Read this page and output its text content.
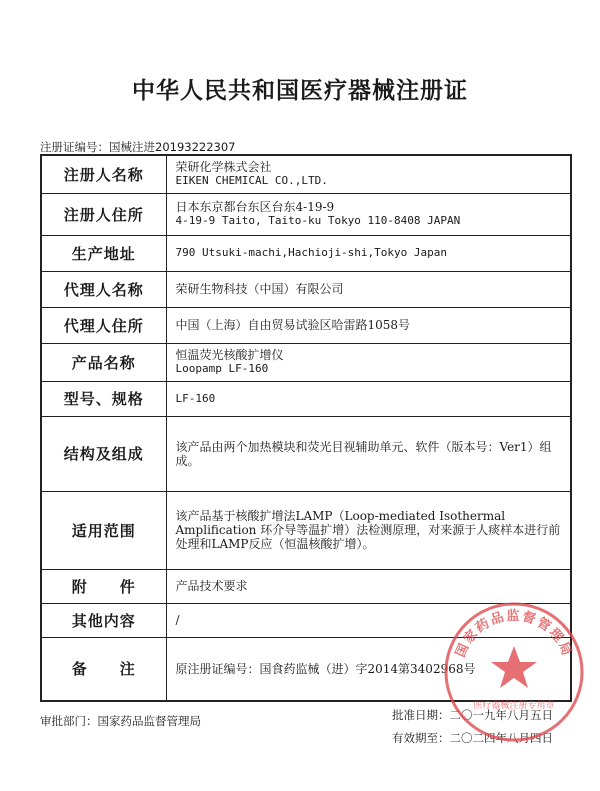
中华人民共和国医疗器械注册证
注册证编号：国械注进20193222307
注册人名称	荣研化学株式会社
EIKEN CHEMICAL CO.,LTD.

注册人住所	日本东京都台东区台东4-19-9
4-19-9 Taito, Taito-ku Tokyo 110-8408 JAPAN

生产地址	790 Utsuki-machi,Hachioji-shi,Tokyo Japan

代理人名称	荣研生物科技（中国）有限公司

代理人住所	中国（上海）自由贸易试验区哈雷路1058号

产品名称	恒温荧光核酸扩增仪
Loopamp LF-160

型号、规格	LF-160

结构及组成	该产品由两个加热模块和荧光目视辅助单元、软件（版本号：Ver1）组成。
适用范围	该产品基于核酸扩增法LAMP（Loop-mediated Isothermal Amplification 环介导等温扩增）法检测原理，对来源于人痰样本进行前处理和LAMP反应（恒温核酸扩增）。
附　　件	产品技术要求

其他内容	/

备　　注	原注册证编号：国食药监械（进）字2014第3402968号
审批部门：国家药品监督管理局	批准日期：二〇一九年八月五日
有效期至：二〇二四年八月四日
国家药品监督管理局
医疗器械注册专用章
